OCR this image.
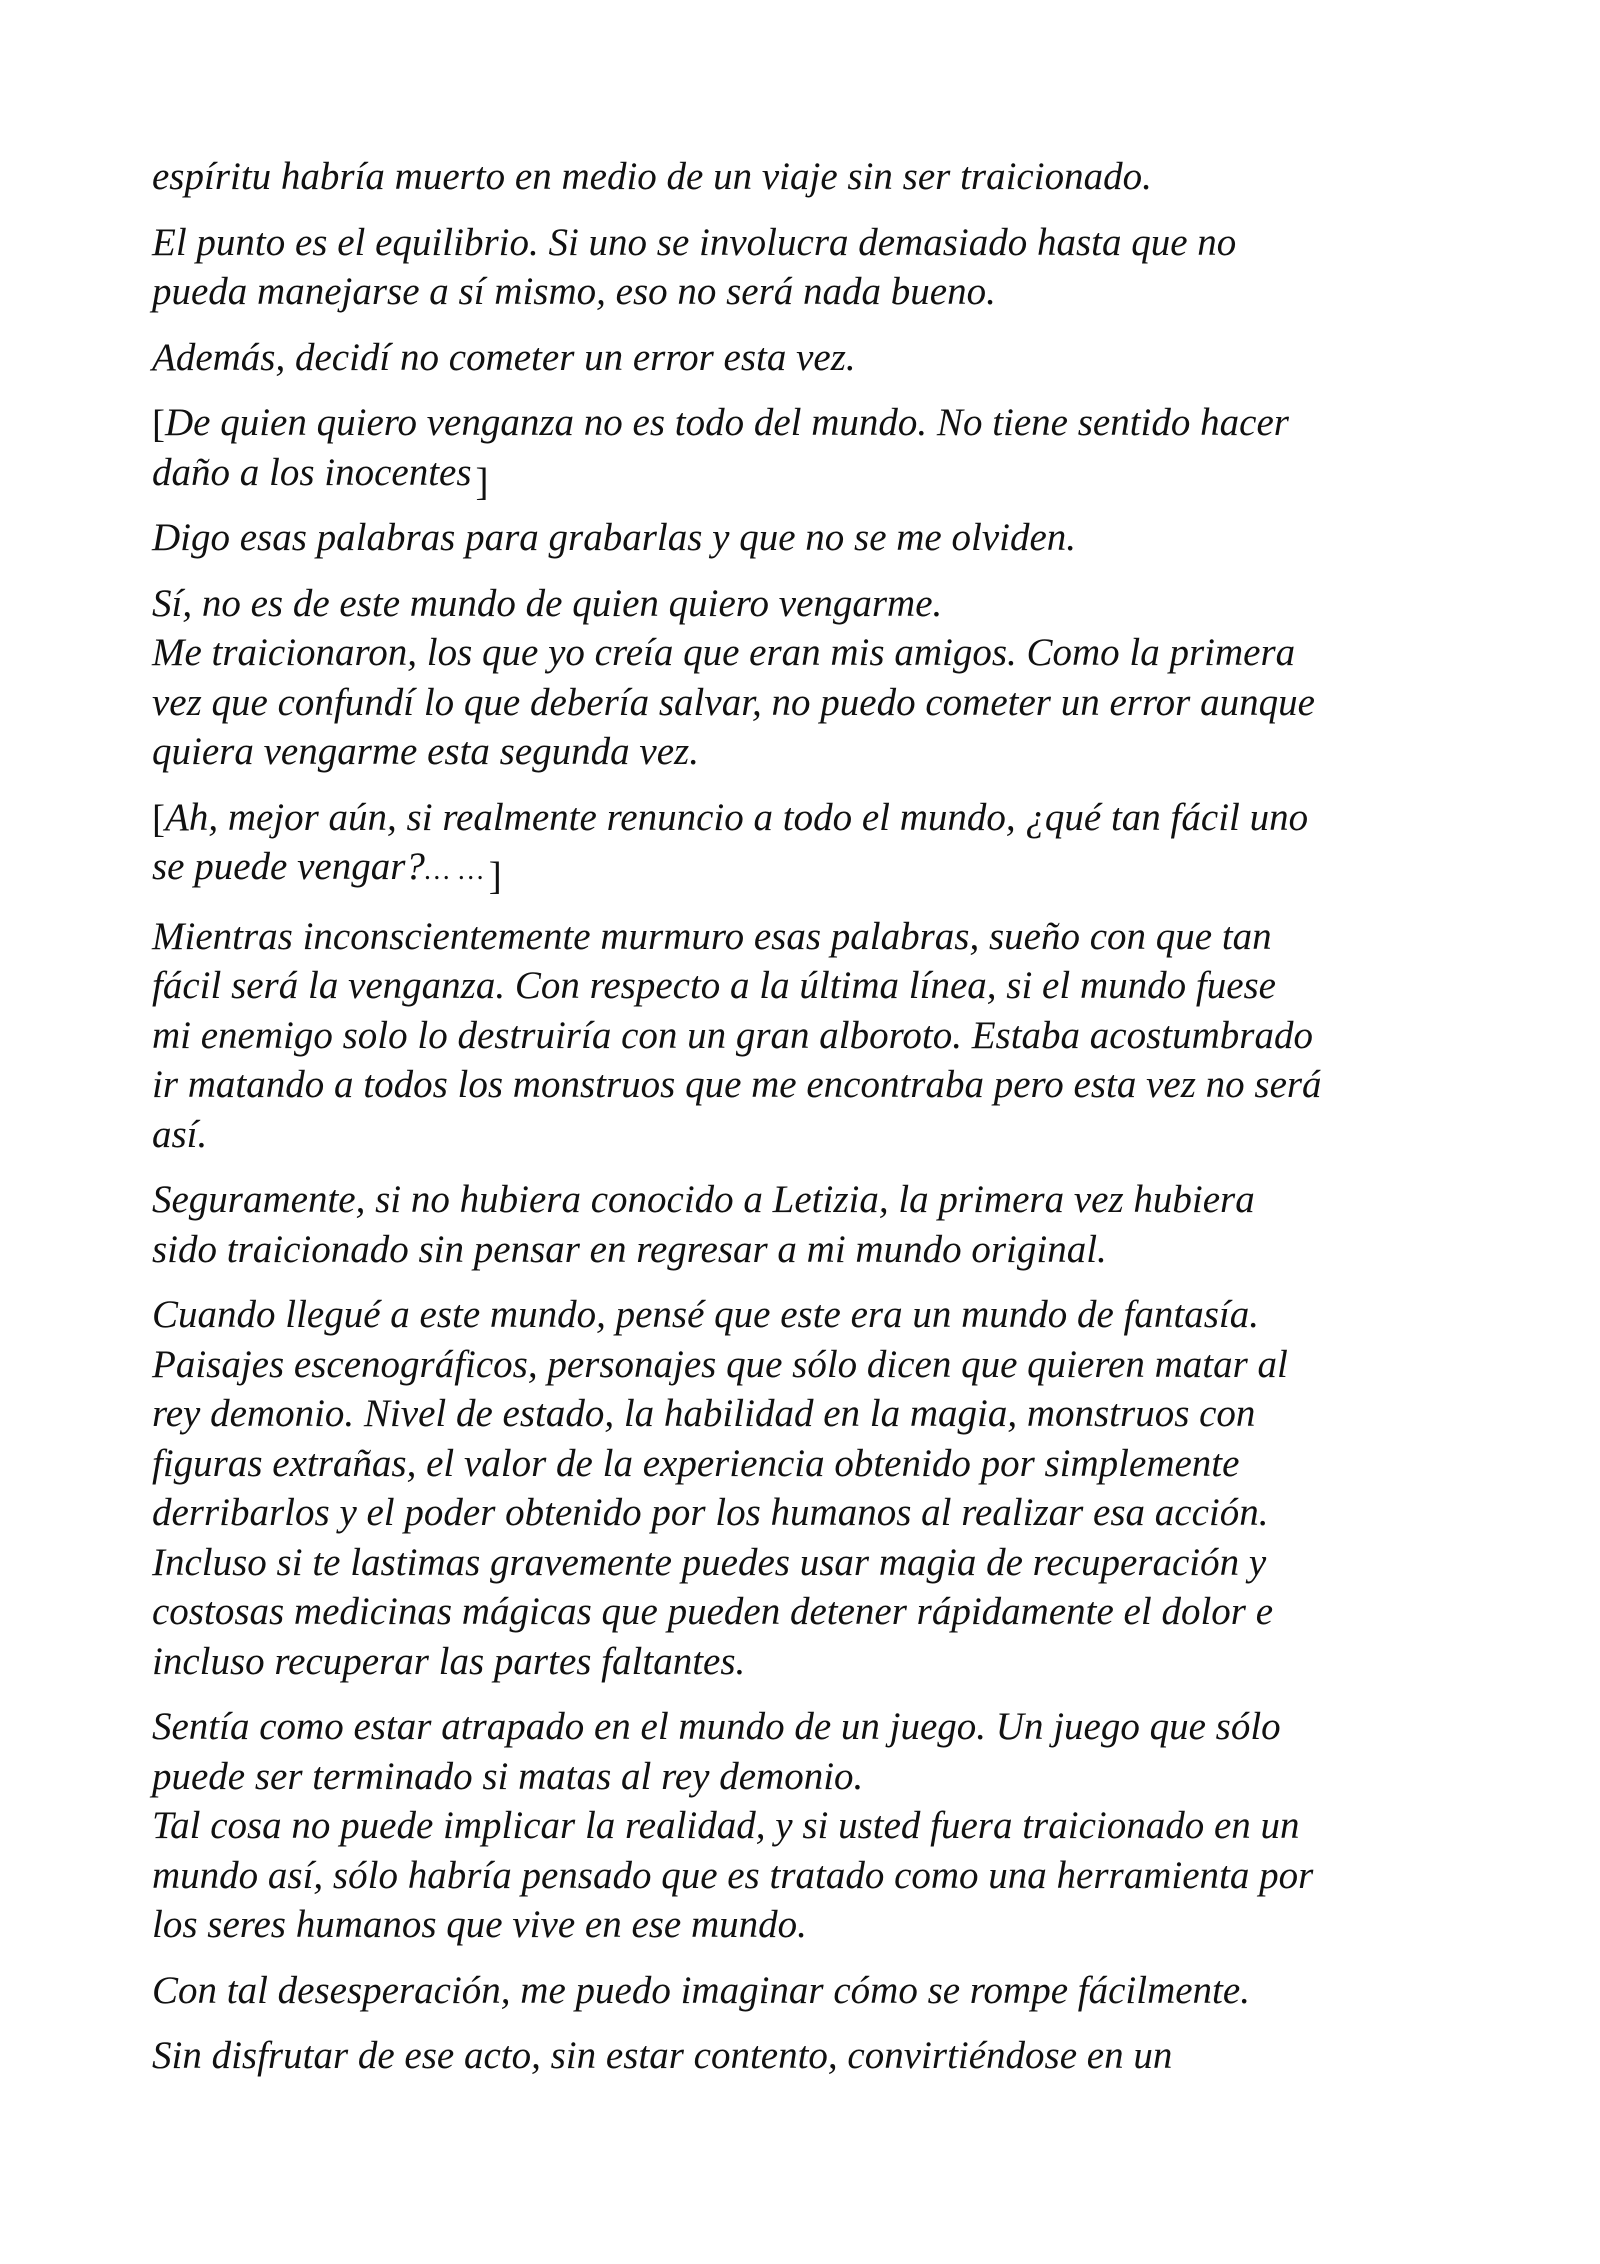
espíritu habría muerto en medio de un viaje sin ser traicionado.

El punto es el equilibrio. Si uno se involucra demasiado hasta que no
pueda manejarse a sí mismo, eso no será nada bueno.

Además, decidí no cometer un error esta vez.

[De quien quiero venganza no es todo del mundo. No tiene sentido hacer
daño a los inocentes ]

Digo esas palabras para grabarlas y que no se me olviden.

Sí, no es de este mundo de quien quiero vengarme.
Me traicionaron, los que yo creía que eran mis amigos. Como la primera
vez que confundí lo que debería salvar, no puedo cometer un error aunque
quiera vengarme esta segunda vez.

[Ah, mejor aún, si realmente renuncio a todo el mundo, ¿qué tan fácil uno
se puede vengar?… … ]

Mientras inconscientemente murmuro esas palabras, sueño con que tan
fácil será la venganza. Con respecto a la última línea, si el mundo fuese
mi enemigo solo lo destruiría con un gran alboroto. Estaba acostumbrado
ir matando a todos los monstruos que me encontraba pero esta vez no será
así.

Seguramente, si no hubiera conocido a Letizia, la primera vez hubiera
sido traicionado sin pensar en regresar a mi mundo original.

Cuando llegué a este mundo, pensé que este era un mundo de fantasía.
Paisajes escenográficos, personajes que sólo dicen que quieren matar al
rey demonio. Nivel de estado, la habilidad en la magia, monstruos con
figuras extrañas, el valor de la experiencia obtenido por simplemente
derribarlos y el poder obtenido por los humanos al realizar esa acción.
Incluso si te lastimas gravemente puedes usar magia de recuperación y
costosas medicinas mágicas que pueden detener rápidamente el dolor e
incluso recuperar las partes faltantes.

Sentía como estar atrapado en el mundo de un juego. Un juego que sólo
puede ser terminado si matas al rey demonio.
Tal cosa no puede implicar la realidad, y si usted fuera traicionado en un
mundo así, sólo habría pensado que es tratado como una herramienta por
los seres humanos que vive en ese mundo.

Con tal desesperación, me puedo imaginar cómo se rompe fácilmente.

Sin disfrutar de ese acto, sin estar contento, convirtiéndose en un
